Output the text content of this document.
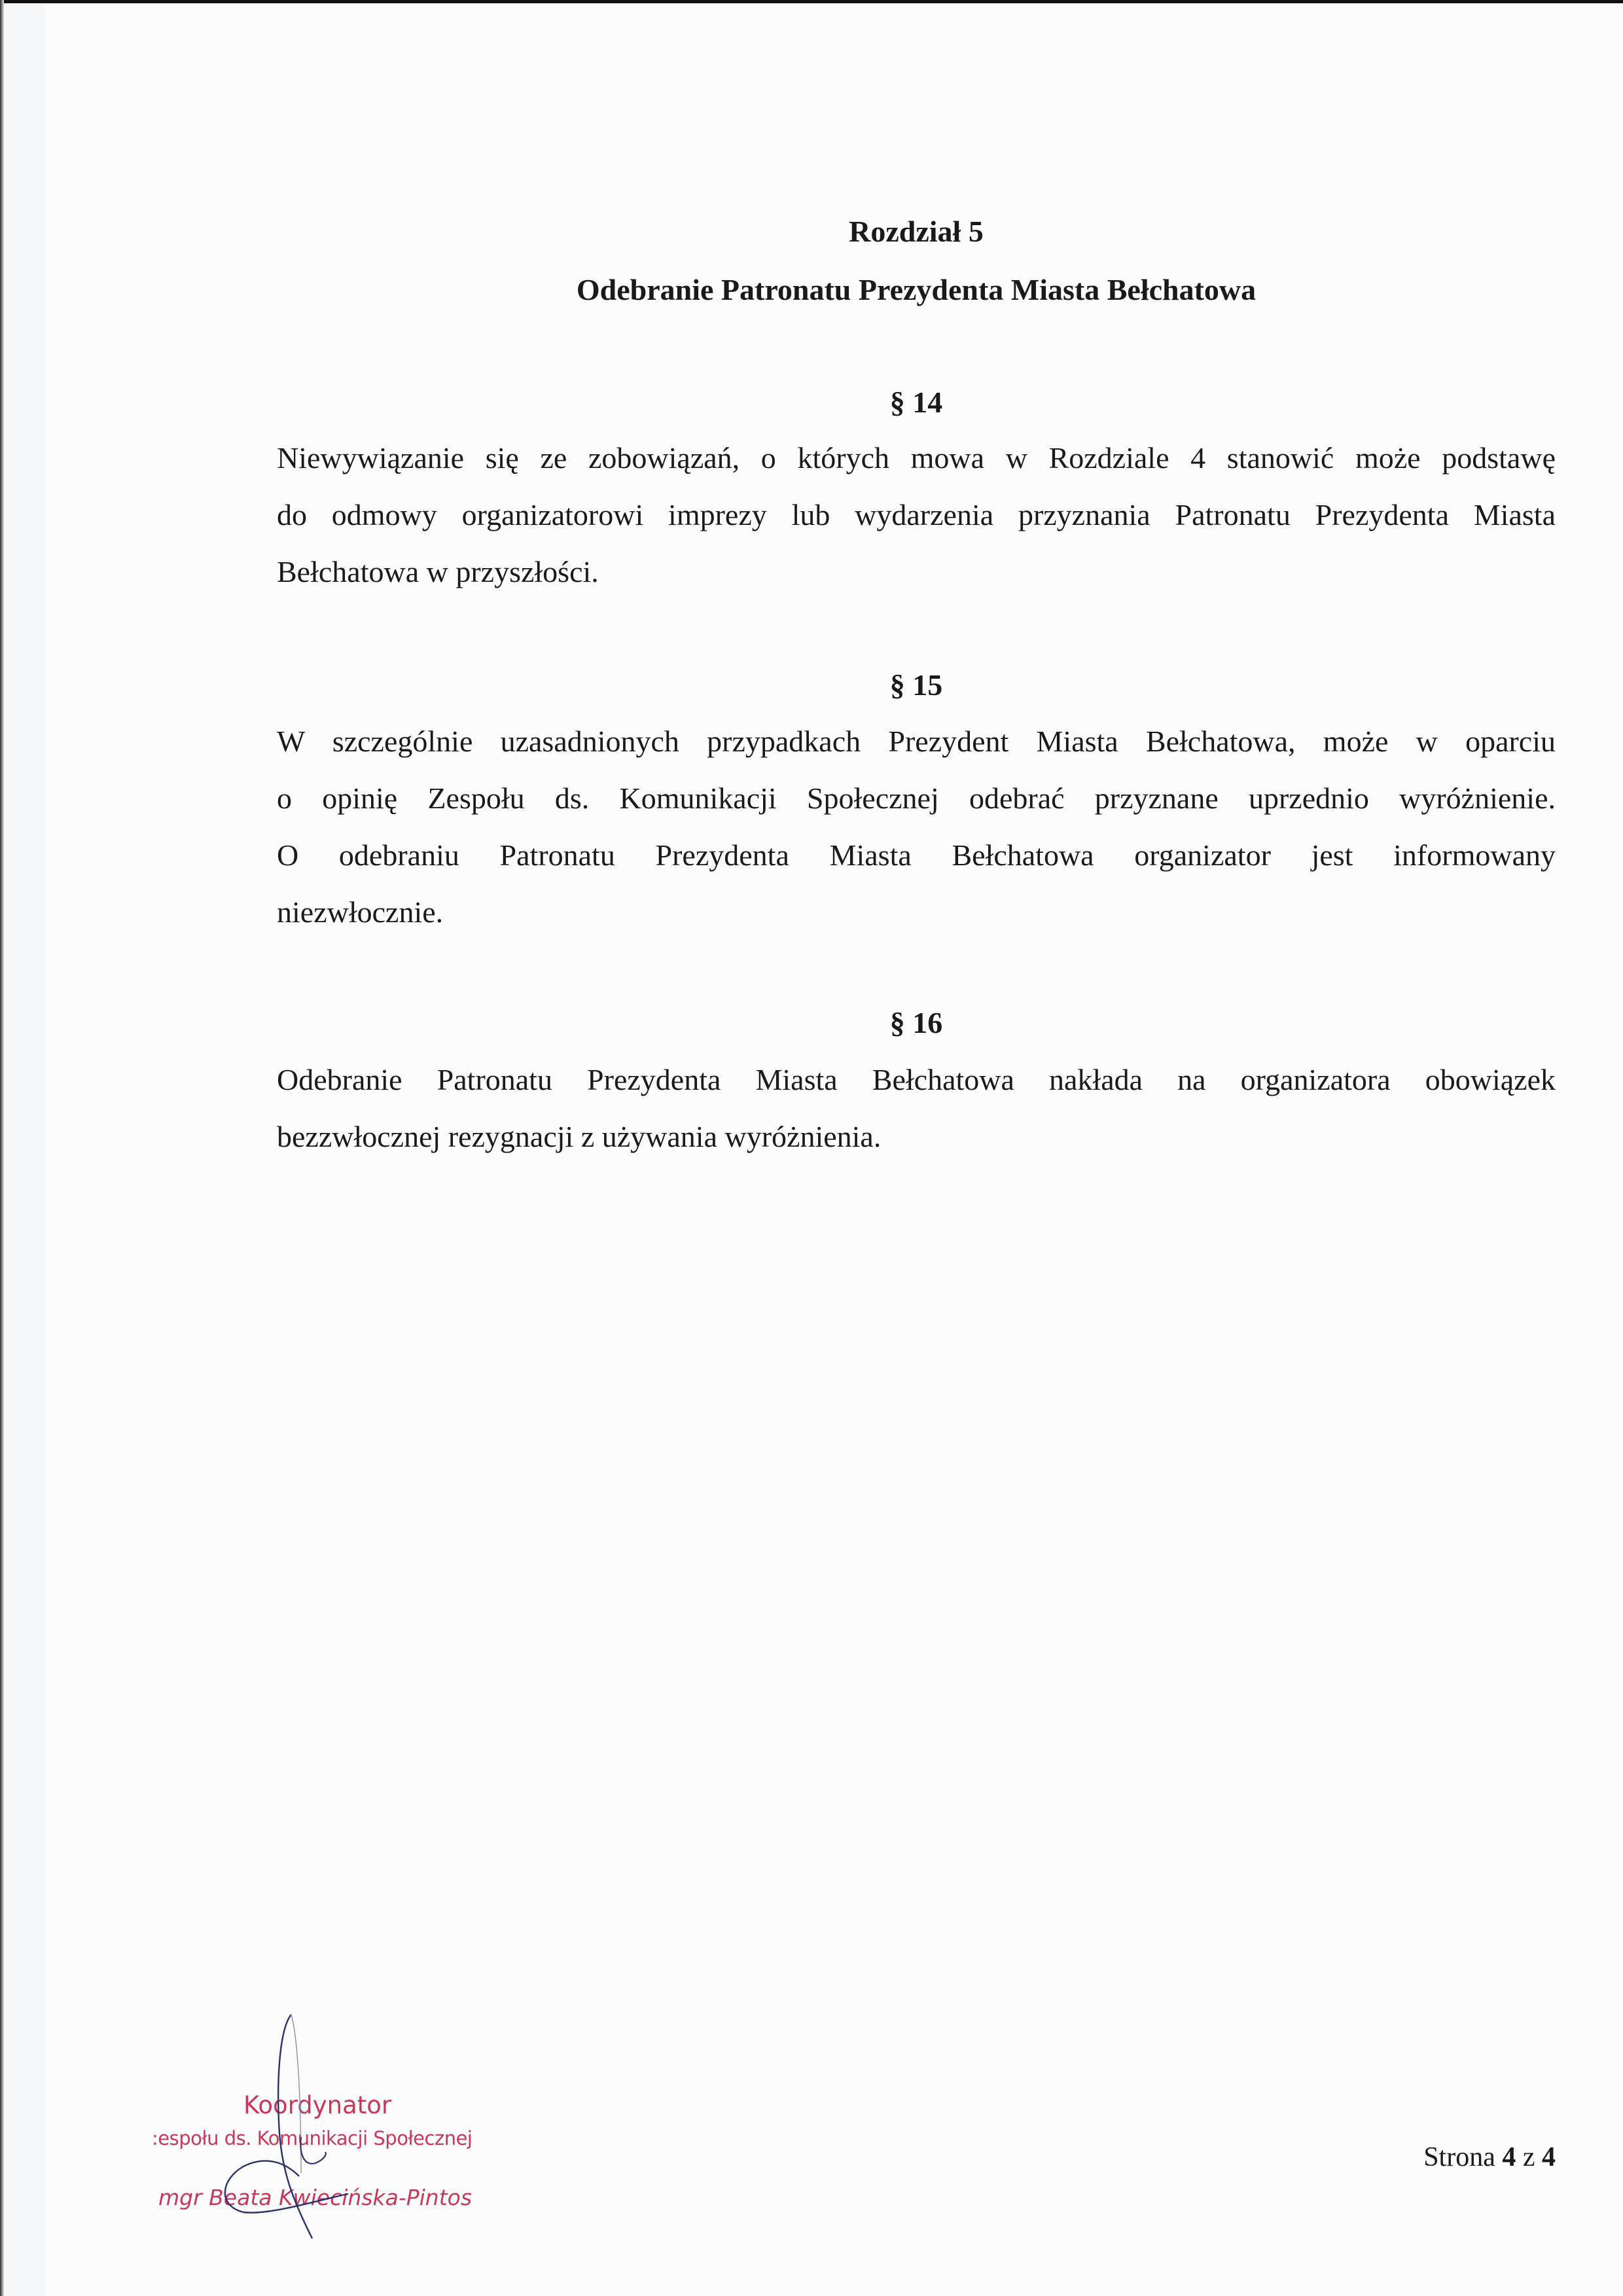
Rozdział 5
Odebranie Patronatu Prezydenta Miasta Bełchatowa
§ 14
Niewywiązanie się ze zobowiązań, o których mowa w Rozdziale 4 stanowić może podstawę
do odmowy organizatorowi imprezy lub wydarzenia przyznania Patronatu Prezydenta Miasta
Bełchatowa w przyszłości.
§ 15
W szczególnie uzasadnionych przypadkach Prezydent Miasta Bełchatowa, może w oparciu
o opinię Zespołu ds. Komunikacji Społecznej odebrać przyznane uprzednio wyróżnienie.
O odebraniu Patronatu Prezydenta Miasta Bełchatowa organizator jest informowany
niezwłocznie.
§ 16
Odebranie Patronatu Prezydenta Miasta Bełchatowa nakłada na organizatora obowiązek
bezzwłocznej rezygnacji z używania wyróżnienia.
Koordynator
:espołu ds. Komunikacji Społecznej
mgr Beata Kwiecińska-Pintos
Strona 4 z 4
